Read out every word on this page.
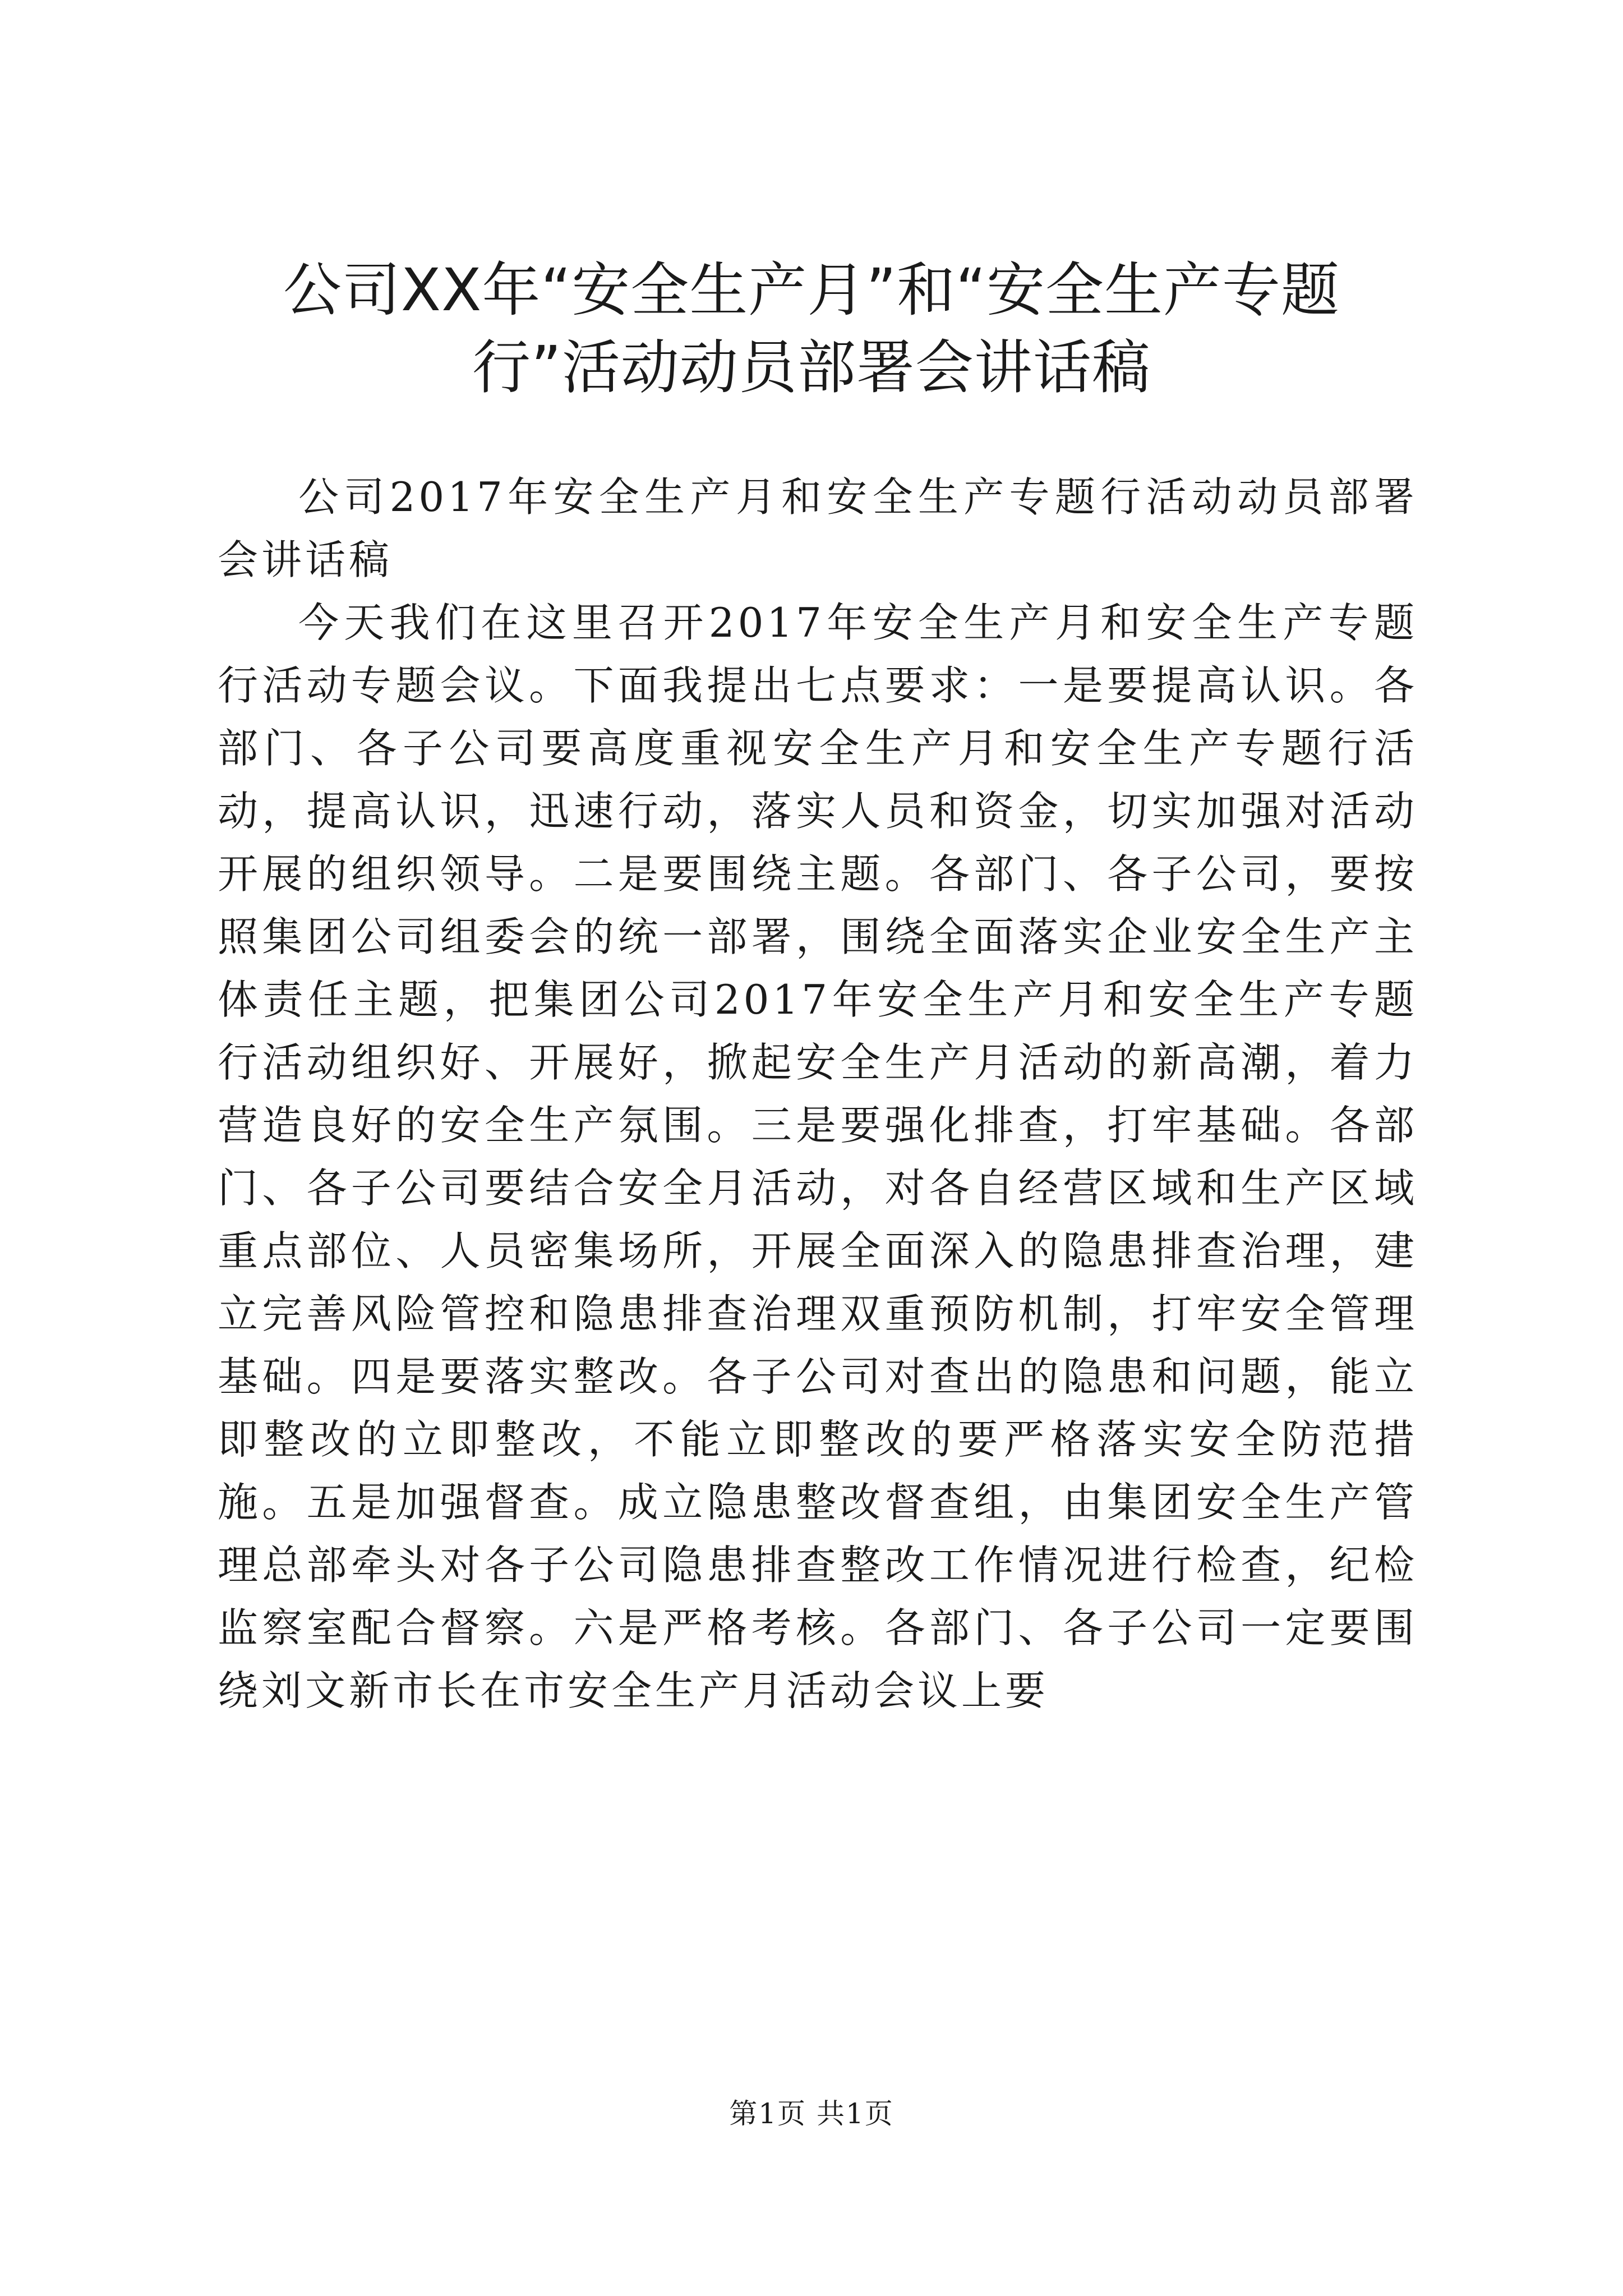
公司XX年“安全生产月”和“安全生产专题
行”活动动员部署会讲话稿

公司2017年安全生产月和安全生产专题行活动动员部署会讲话稿

今天我们在这里召开2017年安全生产月和安全生产专题行活动专题会议。下面我提出七点要求：一是要提高认识。各部门、各子公司要高度重视安全生产月和安全生产专题行活动，提高认识，迅速行动，落实人员和资金，切实加强对活动开展的组织领导。二是要围绕主题。各部门、各子公司，要按照集团公司组委会的统一部署，围绕全面落实企业安全生产主体责任主题，把集团公司2017年安全生产月和安全生产专题行活动组织好、开展好，掀起安全生产月活动的新高潮，着力营造良好的安全生产氛围。三是要强化排查，打牢基础。各部门、各子公司要结合安全月活动，对各自经营区域和生产区域重点部位、人员密集场所，开展全面深入的隐患排查治理，建立完善风险管控和隐患排查治理双重预防机制，打牢安全管理基础。四是要落实整改。各子公司对查出的隐患和问题，能立即整改的立即整改，不能立即整改的要严格落实安全防范措施。五是加强督查。成立隐患整改督查组，由集团安全生产管理总部牵头对各子公司隐患排查整改工作情况进行检查，纪检监察室配合督察。六是严格考核。各部门、各子公司一定要围绕刘文新市长在市安全生产月活动会议上要

第1页 共1页
